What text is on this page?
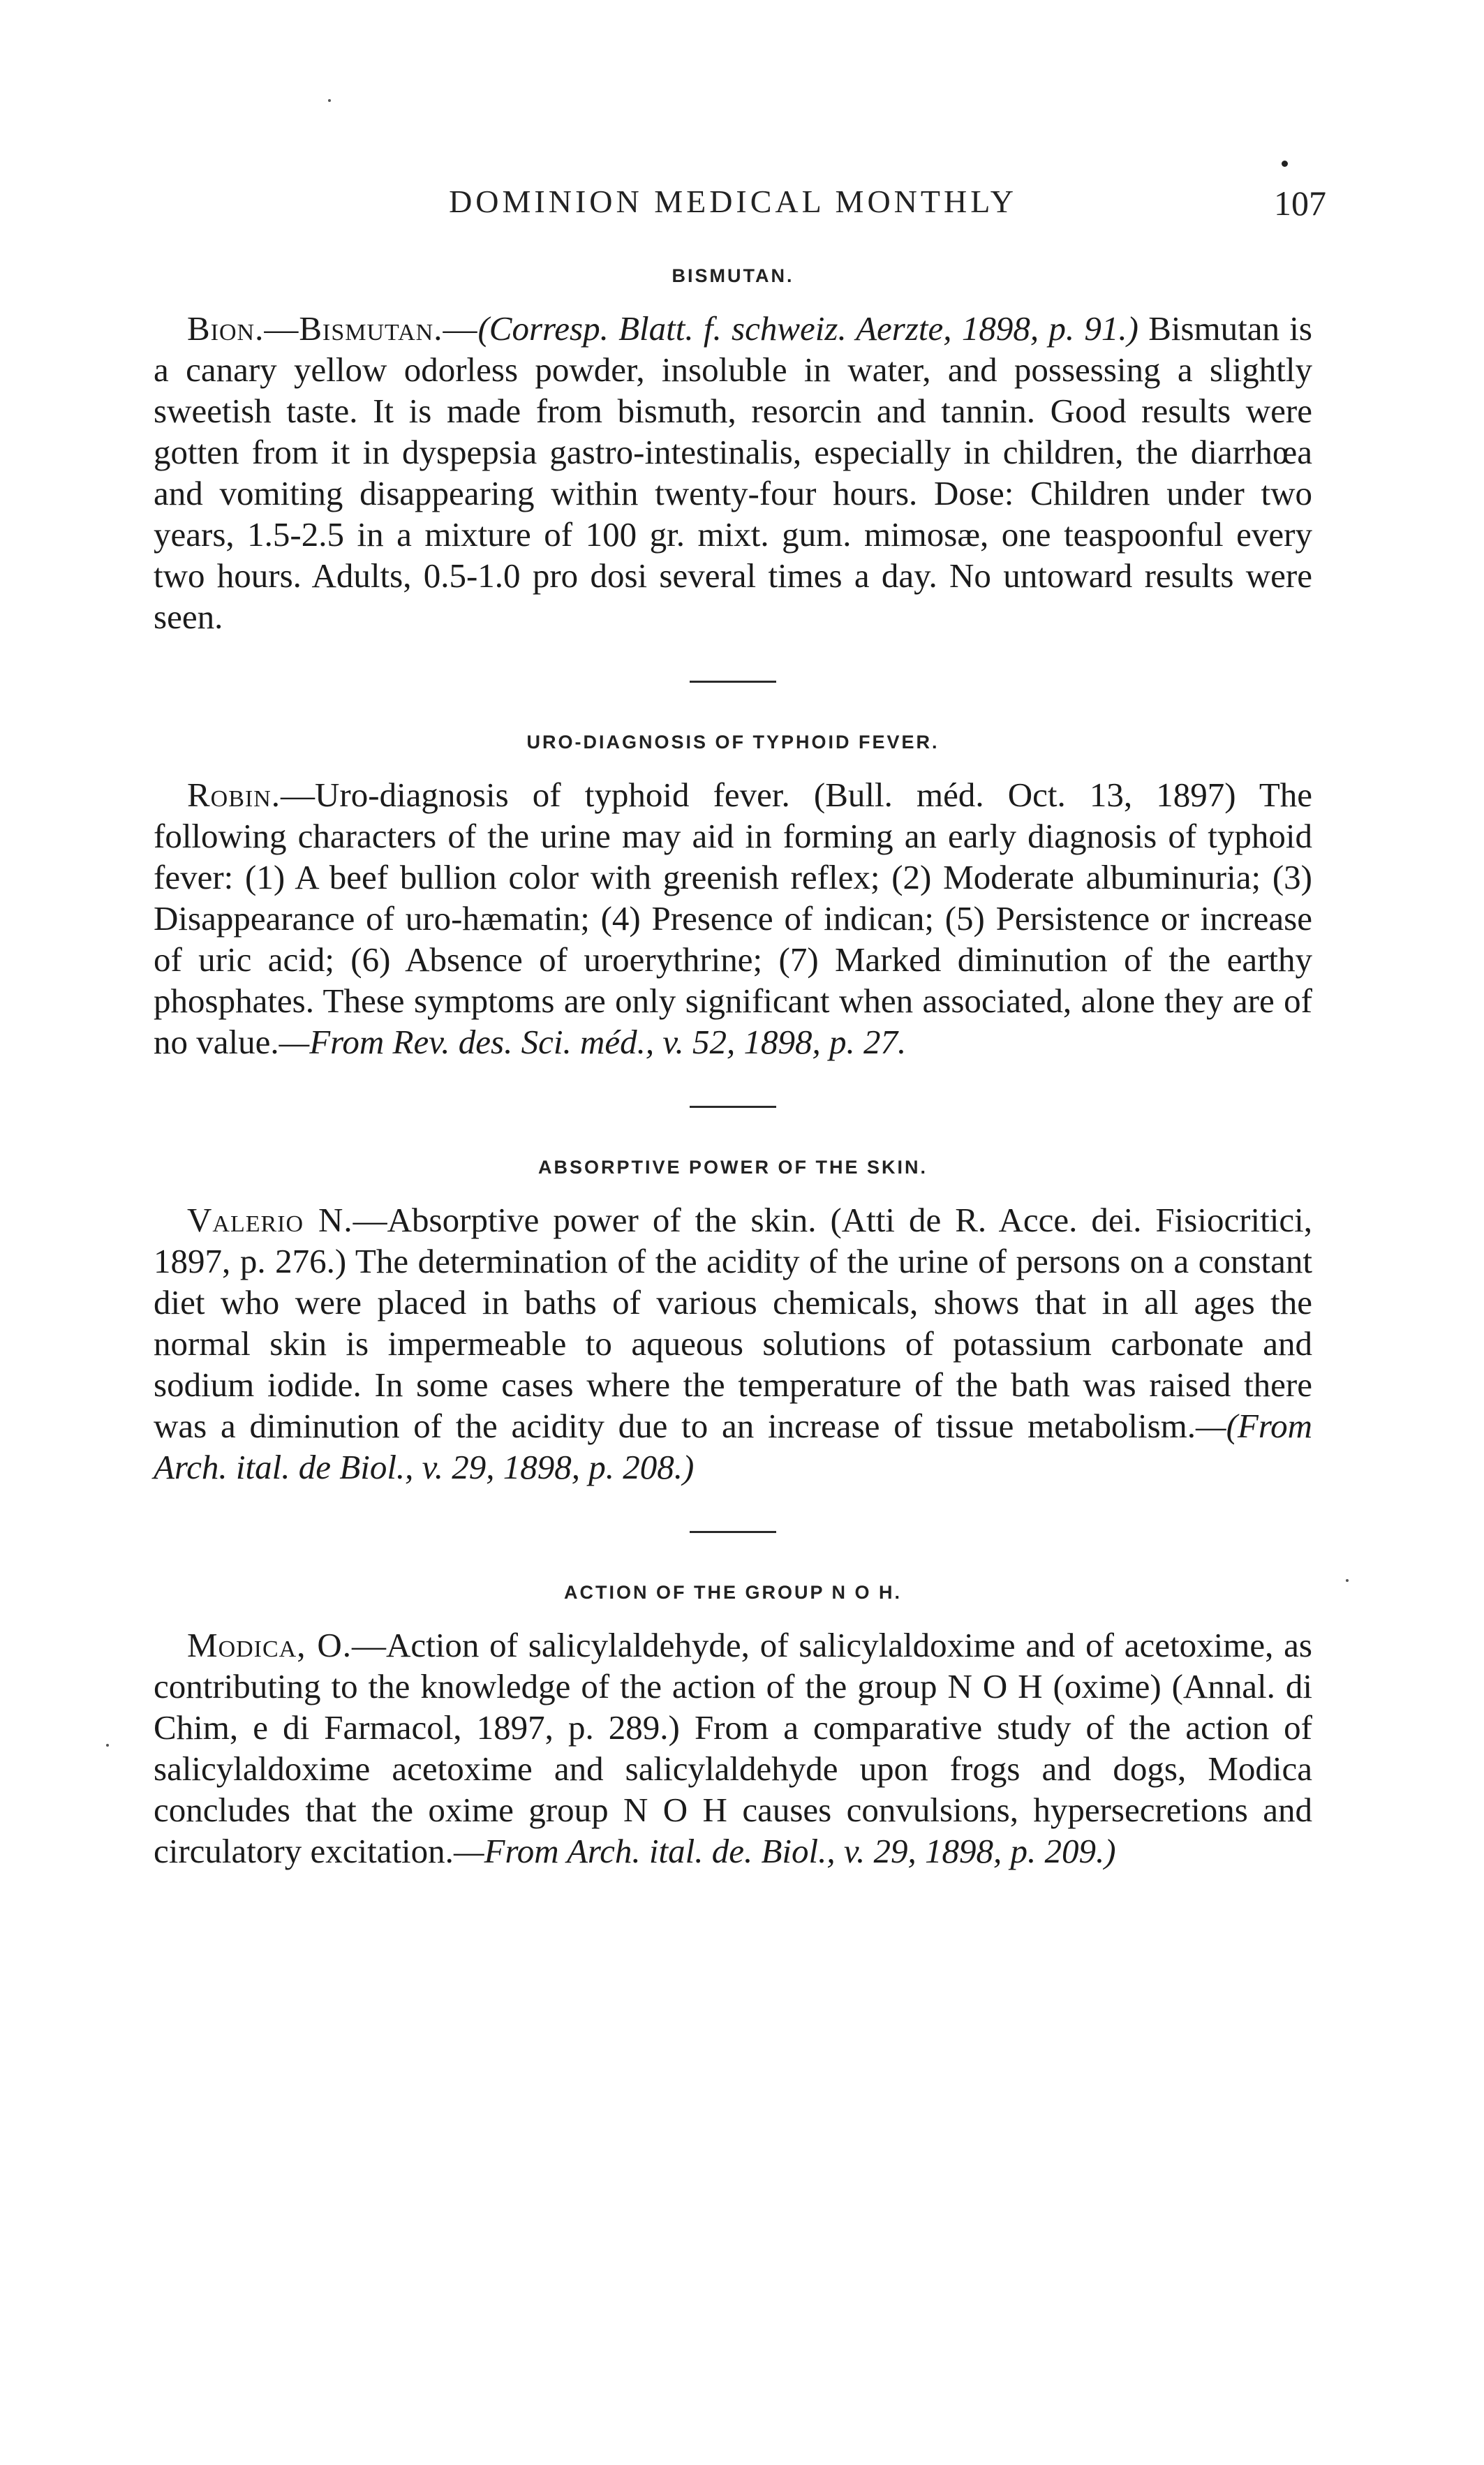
DOMINION MEDICAL MONTHLY	107
BISMUTAN.

Bion.—Bismutan.—(Corresp. Blatt. f. schweiz. Aerzte, 1898, p. 91.) Bismutan is a canary yellow odorless powder, insoluble in water, and possessing a slightly sweetish taste. It is made from bismuth, resorcin and tannin. Good results were gotten from it in dyspepsia gastro-intestinalis, especially in children, the diarrhœa and vomiting disappearing within twenty-four hours. Dose: Children under two years, 1.5-2.5 in a mixture of 100 gr. mixt. gum. mimosæ, one teaspoonful every two hours. Adults, 0.5-1.0 pro dosi several times a day. No untoward results were seen.

URO-DIAGNOSIS OF TYPHOID FEVER.

Robin.—Uro-diagnosis of typhoid fever. (Bull. méd. Oct. 13, 1897) The following characters of the urine may aid in forming an early diagnosis of typhoid fever: (1) A beef bullion color with greenish reflex; (2) Moderate albuminuria; (3) Disappearance of uro-hæmatin; (4) Presence of indican; (5) Persistence or increase of uric acid; (6) Absence of uroerythrine; (7) Marked diminution of the earthy phosphates. These symptoms are only significant when associated, alone they are of no value.—From Rev. des. Sci. méd., v. 52, 1898, p. 27.

ABSORPTIVE POWER OF THE SKIN.

Valerio N.—Absorptive power of the skin. (Atti de R. Acce. dei. Fisiocritici, 1897, p. 276.) The determination of the acidity of the urine of persons on a constant diet who were placed in baths of various chemicals, shows that in all ages the normal skin is impermeable to aqueous solutions of potassium carbonate and sodium iodide. In some cases where the temperature of the bath was raised there was a diminution of the acidity due to an increase of tissue metabolism.—(From Arch. ital. de Biol., v. 29, 1898, p. 208.)

ACTION OF THE GROUP N O H.

Modica, O.—Action of salicylaldehyde, of salicylaldoxime and of acetoxime, as contributing to the knowledge of the action of the group N O H (oxime) (Annal. di Chim, e di Farmacol, 1897, p. 289.) From a comparative study of the action of salicylaldoxime acetoxime and salicylaldehyde upon frogs and dogs, Modica concludes that the oxime group N O H causes convulsions, hypersecretions and circulatory excitation.—From Arch. ital. de. Biol., v. 29, 1898, p. 209.)
